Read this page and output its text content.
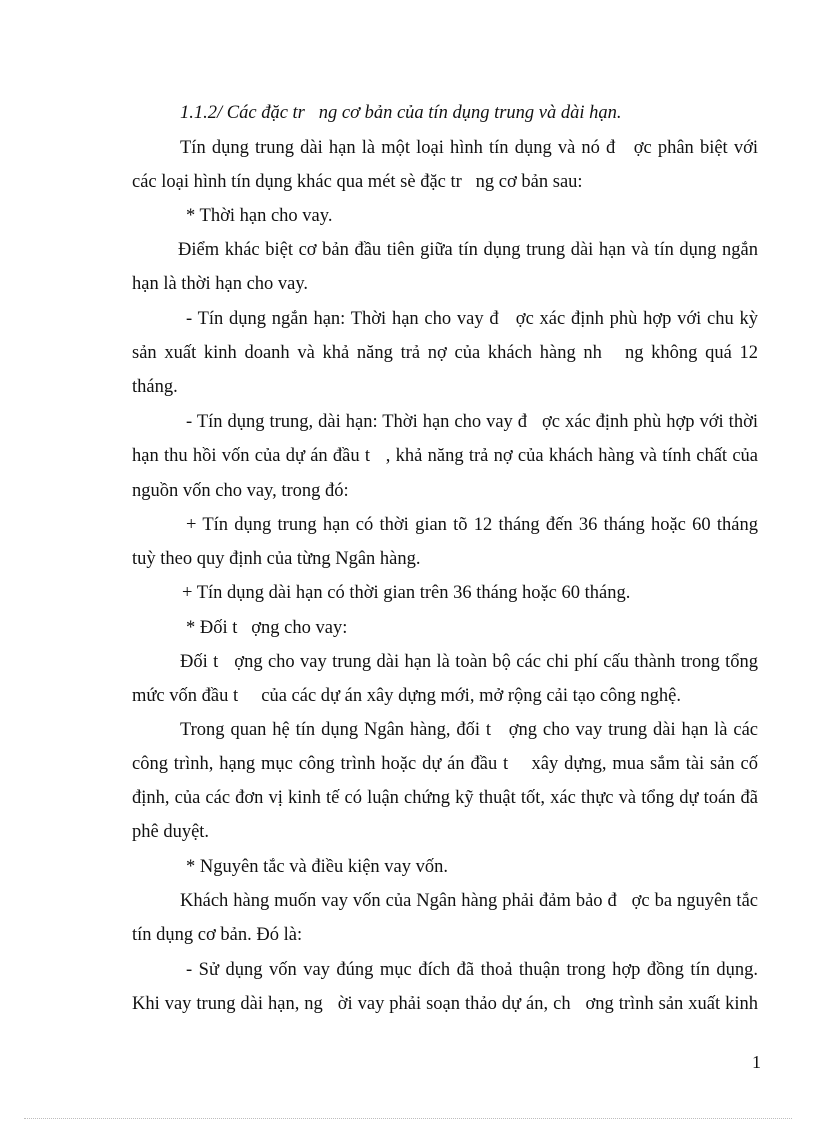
1.1.2/ Các đặc tr   ng cơ bản của tín dụng trung và dài hạn.
Tín dụng trung dài hạn là một loại hình tín dụng và nó đ   ợc phân biệt với
các loại hình tín dụng khác qua mét sè đặc tr   ng cơ bản sau:
* Thời hạn cho vay.
Điểm khác biệt cơ bản đầu tiên giữa tín dụng trung dài hạn và tín dụng ngắn
hạn là thời hạn cho vay.
- Tín dụng ngắn hạn: Thời hạn cho vay đ   ợc xác định phù hợp với chu kỳ
sản xuất kinh doanh và khả năng trả nợ của khách hàng nh   ng không quá 12
tháng.
- Tín dụng trung, dài hạn: Thời hạn cho vay đ   ợc xác định phù hợp với thời
hạn thu hồi vốn của dự án đầu t   , khả năng trả nợ của khách hàng và tính chất của
nguồn vốn cho vay, trong đó:
+ Tín dụng trung hạn có thời gian tõ 12 tháng đến 36 tháng hoặc 60 tháng
tuỳ theo quy định của từng Ngân hàng.
+ Tín dụng dài hạn có thời gian trên 36 tháng hoặc 60 tháng.
* Đối t   ợng cho vay:
Đối t   ợng cho vay trung dài hạn là toàn bộ các chi phí cấu thành trong tổng
mức vốn đầu t     của các dự án xây dựng mới, mở rộng cải tạo công nghệ.
Trong quan hệ tín dụng Ngân hàng, đối t   ợng cho vay trung dài hạn là các
công trình, hạng mục công trình hoặc dự án đầu t    xây dựng, mua sắm tài sản cố
định, của các đơn vị kinh tế có luận chứng kỹ thuật tốt, xác thực và tổng dự toán đã
phê duyệt.
* Nguyên tắc và điều kiện vay vốn.
Khách hàng muốn vay vốn của Ngân hàng phải đảm bảo đ   ợc ba nguyên tắc
tín dụng cơ bản. Đó là:
- Sử dụng vốn vay đúng mục đích đã thoả thuận trong hợp đồng tín dụng.
Khi vay trung dài hạn, ng   ời vay phải soạn thảo dự án, ch   ơng trình sản xuất kinh
1
